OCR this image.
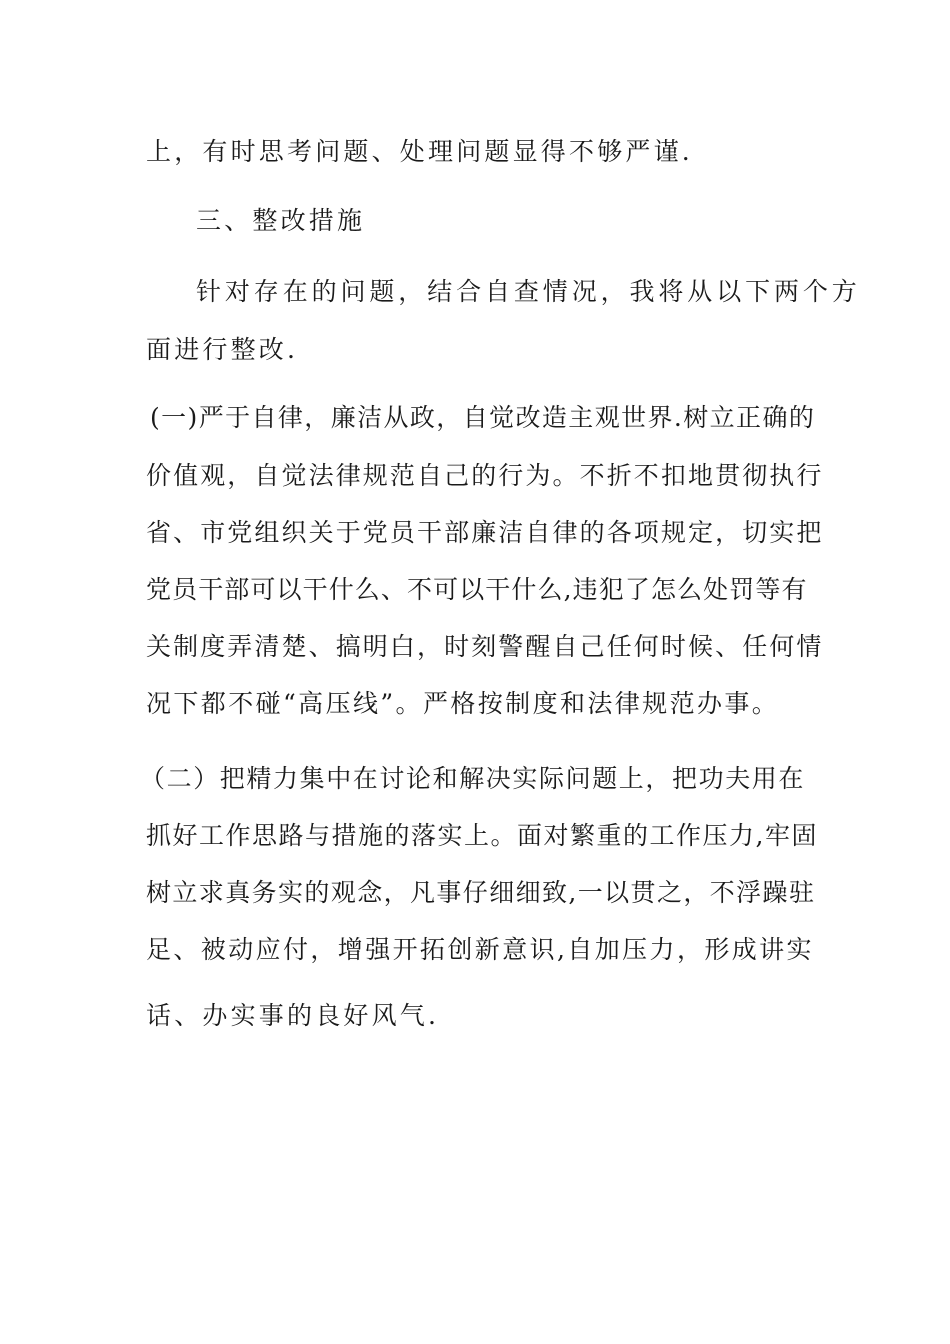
上，有时思考问题、处理问题显得不够严谨.
三、整改措施
针对存在的问题，结合自查情况，我将从以下两个方
面进行整改.
(一)严于自律，廉洁从政，自觉改造主观世界.树立正确的
价值观，自觉法律规范自己的行为。不折不扣地贯彻执行
省、市党组织关于党员干部廉洁自律的各项规定，切实把
党员干部可以干什么、不可以干什么,违犯了怎么处罚等有
关制度弄清楚、搞明白，时刻警醒自己任何时候、任何情
况下都不碰“高压线”。严格按制度和法律规范办事。
（二）把精力集中在讨论和解决实际问题上，把功夫用在
抓好工作思路与措施的落实上。面对繁重的工作压力,牢固
树立求真务实的观念，凡事仔细细致,一以贯之，不浮躁驻
足、被动应付，增强开拓创新意识,自加压力，形成讲实
话、办实事的良好风气.
